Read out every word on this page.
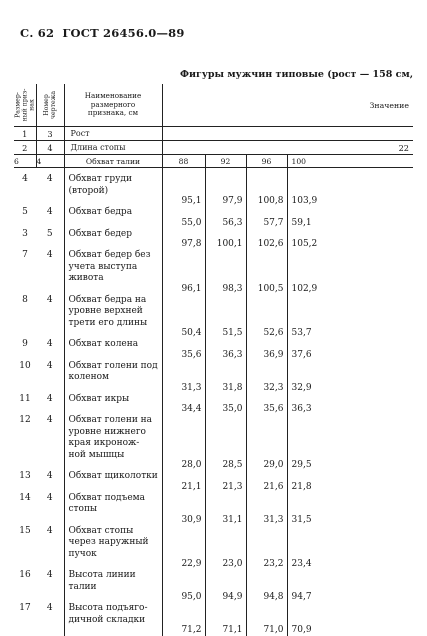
С. 62 ГОСТ 26456.0—89
Фигуры мужчин типовые (рост — 158 см,
Размер-
ный приз-
нак	Номер
чертежа	Наименование
размерного
признака, см	Значение			
1	3	Рост				
2	4	Длина стопы	22			
6	4	Обхват талии	88	92	96	100

4	4	Обхват груди
(второй)	95,1	97,9	100,8	103,9
5	4	Обхват бедра	55,0	56,3	57,7	59,1
3	5	Обхват бедер	97,8	100,1	102,6	105,2
7	4	Обхват бедер без
учета выступа
живота	96,1	98,3	100,5	102,9
8	4	Обхват бедра на
уровне верхней
трети его длины	50,4	51,5	52,6	53,7
9	4	Обхват колена	35,6	36,3	36,9	37,6
10	4	Обхват голени под
коленом	31,3	31,8	32,3	32,9
11	4	Обхват икры	34,4	35,0	35,6	36,3
12	4	Обхват голени на
уровне нижнего
края икронож-
ной мышцы	28,0	28,5	29,0	29,5
13	4	Обхват щиколотки	21,1	21,3	21,6	21,8
14	4	Обхват подъема
стопы	30,9	31,1	31,3	31,5
15	4	Обхват стопы
через наружный
пучок	22,9	23,0	23,2	23,4
16	4	Высота линии
талии	95,0	94,9	94,8	94,7
17	4	Высота подъяго-
дичной складки	71,2	71,1	71,0	70,9
